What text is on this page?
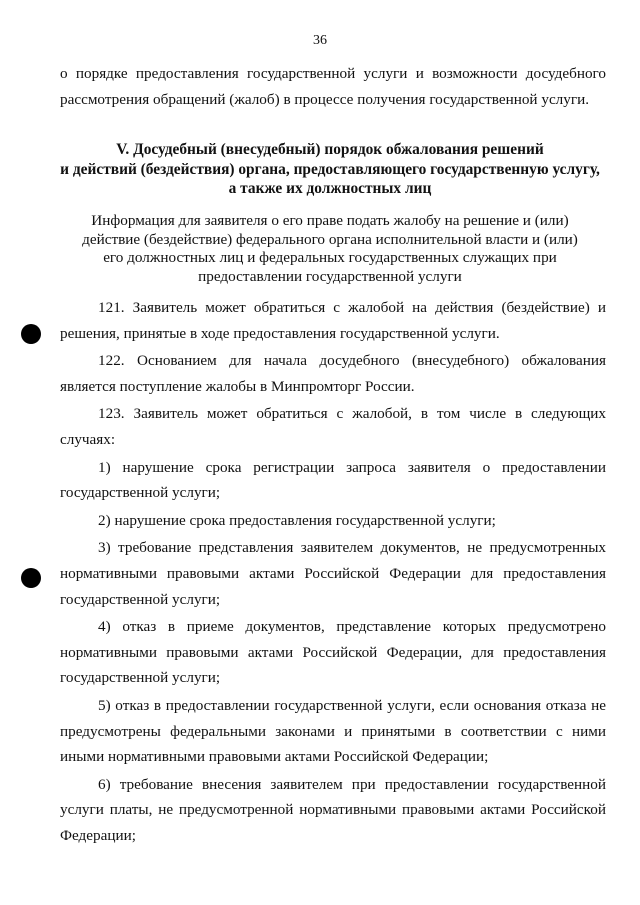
36

о порядке предоставления государственной услуги и возможности досудебного рассмотрения обращений (жалоб) в процессе получения государственной услуги.

V. Досудебный (внесудебный) порядок обжалования решений
и действий (бездействия) органа, предоставляющего государственную услугу,
а также их должностных лиц
Информация для заявителя о его праве подать жалобу на решение и (или)
действие (бездействие) федерального органа исполнительной власти и (или)
его должностных лиц и федеральных государственных служащих при
предоставлении государственной услуги

121. Заявитель может обратиться с жалобой на действия (бездействие) и решения, принятые в ходе предоставления государственной услуги.

122. Основанием для начала досудебного (внесудебного) обжалования является поступление жалобы в Минпромторг России.

123. Заявитель может обратиться с жалобой, в том числе в следующих случаях:

1) нарушение срока регистрации запроса заявителя о предоставлении государственной услуги;

2) нарушение срока предоставления государственной услуги;

3) требование представления заявителем документов, не предусмотренных нормативными правовыми актами Российской Федерации для предоставления государственной услуги;

4) отказ в приеме документов, представление которых предусмотрено нормативными правовыми актами Российской Федерации, для предоставления государственной услуги;

5) отказ в предоставлении государственной услуги, если основания отказа не предусмотрены федеральными законами и принятыми в соответствии с ними иными нормативными правовыми актами Российской Федерации;

6) требование внесения заявителем при предоставлении государственной услуги платы, не предусмотренной нормативными правовыми актами Российской Федерации;
